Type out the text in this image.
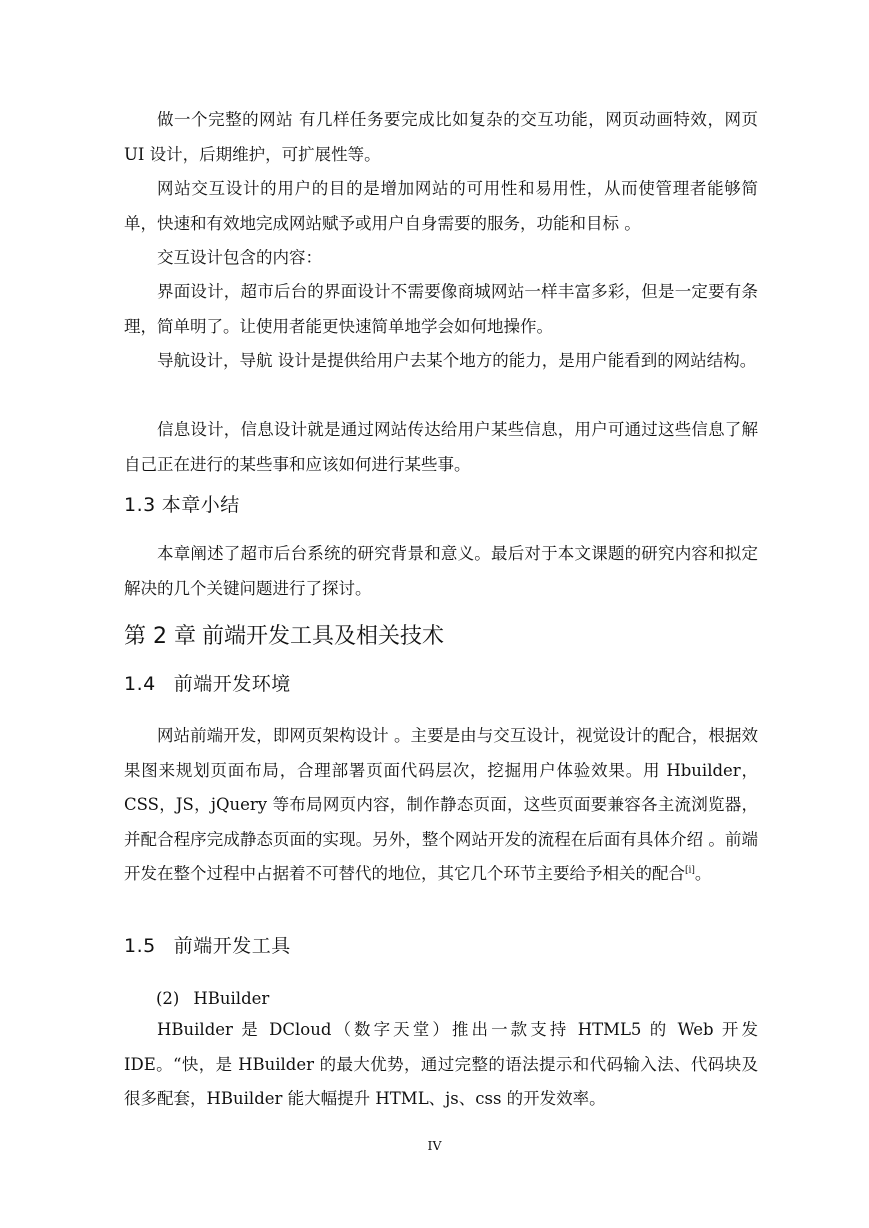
做一个完整的网站 有几样任务要完成比如复杂的交互功能，网页动画特效，网页 UI 设计，后期维护，可扩展性等。

网站交互设计的用户的目的是增加网站的可用性和易用性，从而使管理者能够简单，快速和有效地完成网站赋予或用户自身需要的服务，功能和目标 。

交互设计包含的内容：

界面设计，超市后台的界面设计不需要像商城网站一样丰富多彩，但是一定要有条理，简单明了。让使用者能更快速简单地学会如何地操作。

导航设计，导航 设计是提供给用户去某个地方的能力，是用户能看到的网站结构。

信息设计，信息设计就是通过网站传达给用户某些信息，用户可通过这些信息了解自己正在进行的某些事和应该如何进行某些事。

1.3 本章小结

本章阐述了超市后台系统的研究背景和意义。最后对于本文课题的研究内容和拟定解决的几个关键问题进行了探讨。

第 2 章 前端开发工具及相关技术
1.4 前端开发环境

网站前端开发，即网页架构设计 。主要是由与交互设计，视觉设计的配合，根据效果图来规划页面布局，合理部署页面代码层次，挖掘用户体验效果。用 Hbuilder，CSS，JS，jQuery 等布局网页内容，制作静态页面，这些页面要兼容各主流浏览器，并配合程序完成静态页面的实现。另外，整个网站开发的流程在后面有具体介绍 。前端开发在整个过程中占据着不可替代的地位，其它几个环节主要给予相关的配合[i]。

1.5 前端开发工具
(2) HBuilder

HBuilder 是 DCloud（数字天堂）推出一款支持 HTML5 的 Web 开发 IDE。“快，是 HBuilder 的最大优势，通过完整的语法提示和代码输入法、代码块及很多配套，HBuilder 能大幅提升 HTML、js、css 的开发效率。

IV
